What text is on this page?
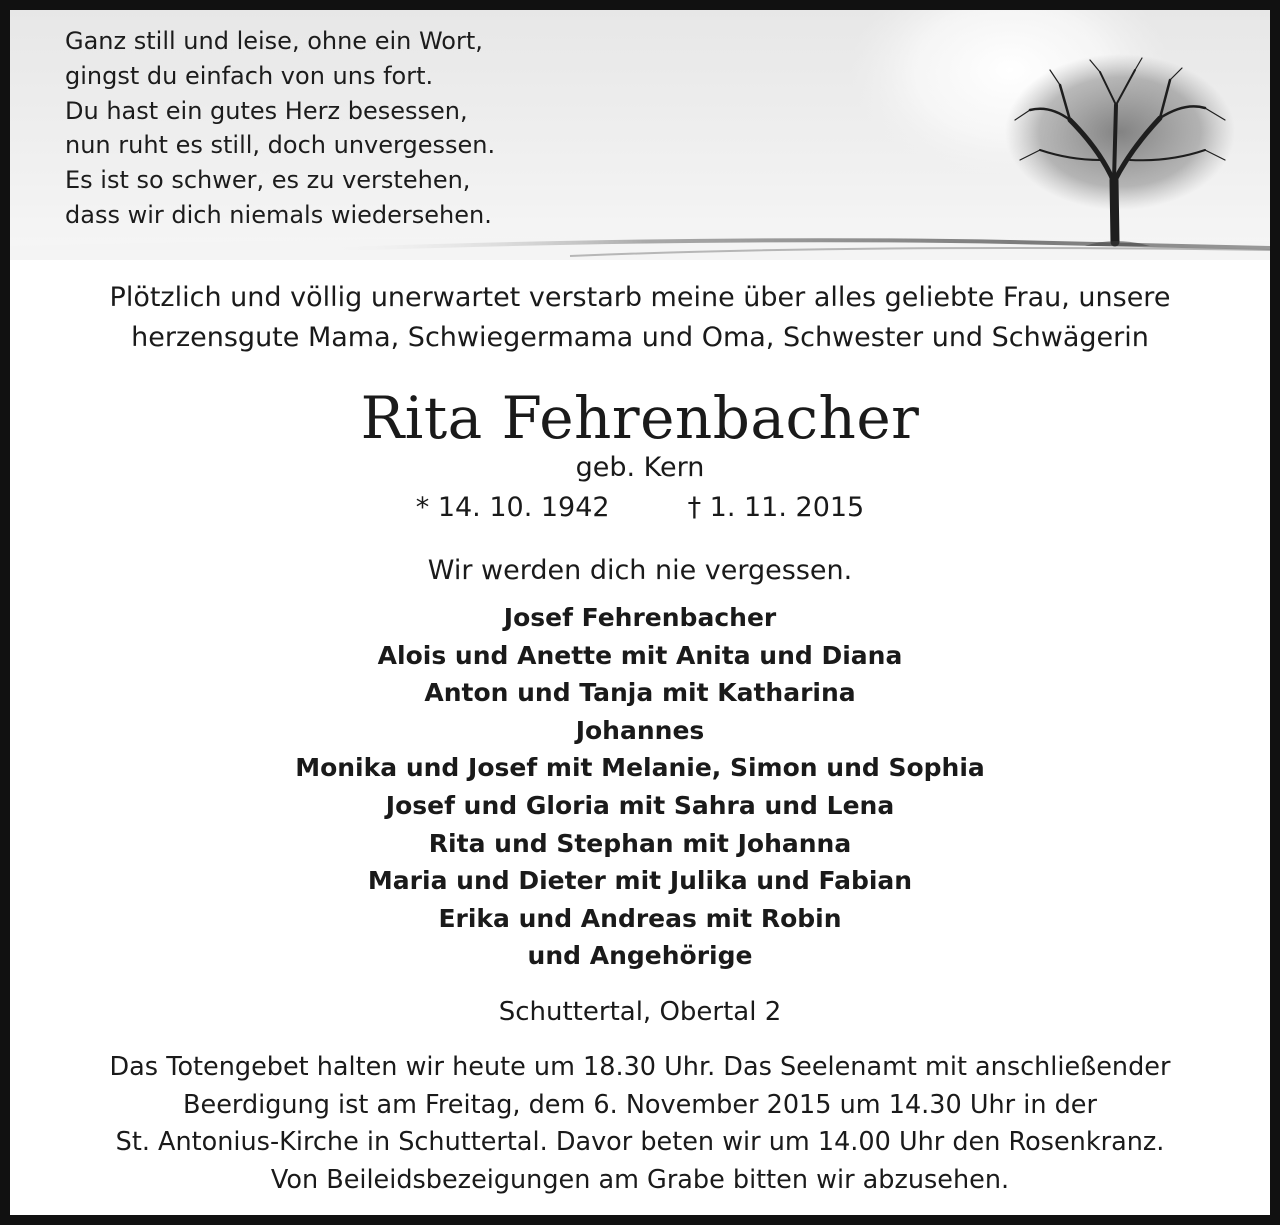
Ganz still und leise, ohne ein Wort,
gingst du einfach von uns fort.
Du hast ein gutes Herz besessen,
nun ruht es still, doch unvergessen.
Es ist so schwer, es zu verstehen,
dass wir dich niemals wiedersehen.
Plötzlich und völlig unerwartet verstarb meine über alles geliebte Frau, unsere
herzensgute Mama, Schwiegermama und Oma, Schwester und Schwägerin
Rita Fehrenbacher
geb. Kern
* 14. 10. 1942	† 1. 11. 2015
Wir werden dich nie vergessen.
Josef Fehrenbacher
Alois und Anette mit Anita und Diana
Anton und Tanja mit Katharina
Johannes
Monika und Josef mit Melanie, Simon und Sophia
Josef und Gloria mit Sahra und Lena
Rita und Stephan mit Johanna
Maria und Dieter mit Julika und Fabian
Erika und Andreas mit Robin
und Angehörige
Schuttertal, Obertal 2
Das Totengebet halten wir heute um 18.30 Uhr. Das Seelenamt mit anschließender
Beerdigung ist am Freitag, dem 6. November 2015 um 14.30 Uhr in der
St. Antonius-Kirche in Schuttertal. Davor beten wir um 14.00 Uhr den Rosenkranz.
Von Beileidsbezeigungen am Grabe bitten wir abzusehen.
